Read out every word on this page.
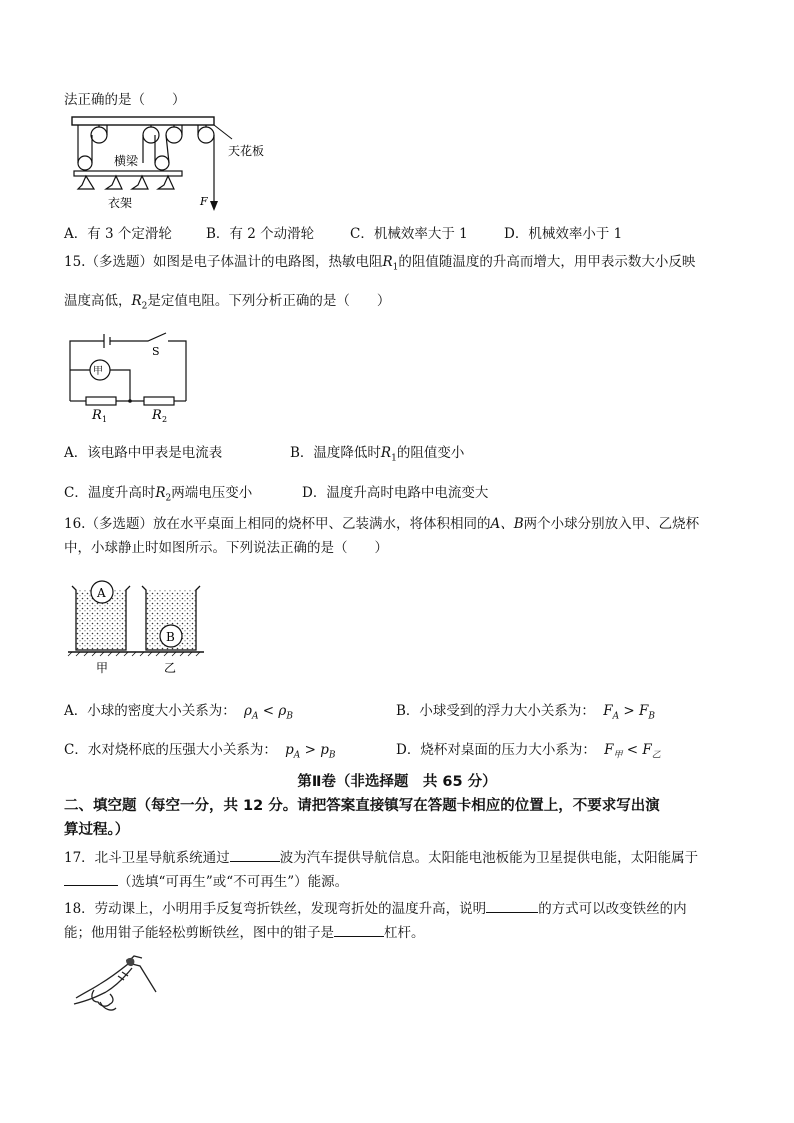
法正确的是（　　）
天花板
横梁
衣架	F
A．有 3 个定滑轮	B．有 2 个动滑轮	C．机械效率大于 1	D．机械效率小于 1
15.（多选题）如图是电子体温计的电路图，热敏电阻$R_1$的阻值随温度的升高而增大，用甲表示数大小反映
温度高低，$R_2$是定值电阻。下列分析正确的是（　　）
S
甲
R 1	R 2
A．该电路中甲表是电流表	B．温度降低时$R_1$的阻值变小
C．温度升高时$R_2$两端电压变小	D．温度升高时电路中电流变大
16.（多选题）放在水平桌面上相同的烧杯甲、乙装满水，将体积相同的A、B两个小球分别放入甲、乙烧杯
中，小球静止时如图所示。下列说法正确的是（　　）
A
B
甲	乙
A．小球的密度大小关系为： $\rho_A < \rho_B$	B．小球受到的浮力大小关系为： $F_A > F_B$
C．水对烧杯底的压强大小关系为： $p_A > p_B$	D．烧杯对桌面的压力大小系为： $F_甲 < F_乙$
第Ⅱ卷（非选择题　共 65 分）
二、填空题（每空一分，共 12 分。请把答案直接镇写在答题卡相应的位置上，不要求写出演
算过程。）
17．北斗卫星导航系统通过	波为汽车提供导航信息。太阳能电池板能为卫星提供电能，太阳能属于
（选填“可再生”或“不可再生”）能源。
18．劳动课上，小明用手反复弯折铁丝，发现弯折处的温度升高，说明	的方式可以改变铁丝的内
能；他用钳子能轻松剪断铁丝，图中的钳子是	杠杆。
